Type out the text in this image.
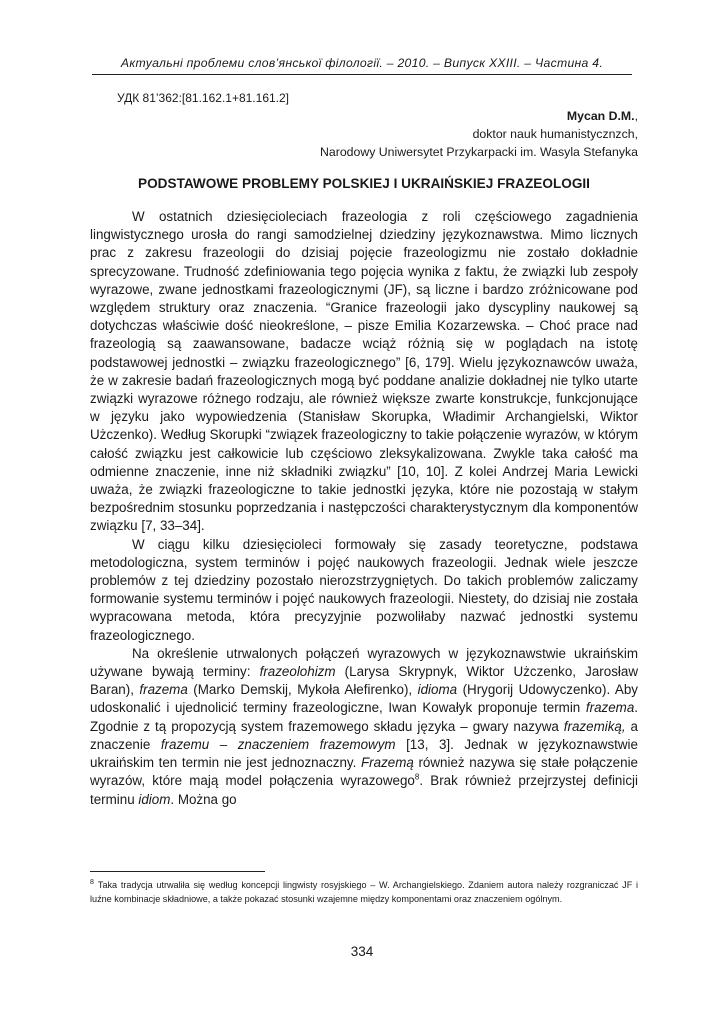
Актуальні проблеми слов’янської філології. – 2010. – Випуск XXIII. – Частина 4.
УДК 81’362:[81.162.1+81.161.2]
Mycan D.M.,
doktor nauk humanistycznzch,
Narodowy Uniwersytet Przykarpacki im. Wasyla Stefanyka
PODSTAWOWE PROBLEMY POLSKIEJ I UKRAIŃSKIEJ FRAZEOLOGII

W ostatnich dziesięcioleciach frazeologia z roli częściowego zagadnienia lingwistycznego urosła do rangi samodzielnej dziedziny językoznawstwa. Mimo licznych prac z zakresu frazeologii do dzisiaj pojęcie frazeologizmu nie zostało dokładnie sprecyzowane. Trudność zdefiniowania tego pojęcia wynika z faktu, że związki lub zespoły wyrazowe, zwane jednostkami frazeologicznymi (JF), są liczne i bardzo zróżnicowane pod względem struktury oraz znaczenia. “Granice frazeologii jako dyscypliny naukowej są dotychczas właściwie dość nieokreślone, – pisze Emilia Kozarzewska. – Choć prace nad frazeologią są zaawansowane, badacze wciąż różnią się w poglądach na istotę podstawowej jednostki – związku frazeologicznego” [6, 179]. Wielu językoznawców uważa, że w zakresie badań frazeologicznych mogą być poddane analizie dokładnej nie tylko utarte związki wyrazowe różnego rodzaju, ale również większe zwarte konstrukcje, funkcjonujące w języku jako wypowiedzenia (Stanisław Skorupka, Władimir Archangielski, Wiktor Użczenko). Według Skorupki “związek frazeologiczny to takie połączenie wyrazów, w którym całość związku jest całkowicie lub częściowo zleksykalizowana. Zwykle taka całość ma odmienne znaczenie, inne niż składniki związku” [10, 10]. Z kolei Andrzej Maria Lewicki uważa, że związki frazeologiczne to takie jednostki języka, które nie pozostają w stałym bezpośrednim stosunku poprzedzania i następczości charakterystycznym dla komponentów związku [7, 33–34].

W ciągu kilku dziesięcioleci formowały się zasady teoretyczne, podstawa metodologiczna, system terminów i pojęć naukowych frazeologii. Jednak wiele jeszcze problemów z tej dziedziny pozostało nierozstrzygniętych. Do takich problemów zaliczamy formowanie systemu terminów i pojęć naukowych frazeologii. Niestety, do dzisiaj nie została wypracowana metoda, która precyzyjnie pozwoliłaby nazwać jednostki systemu frazeologicznego.

Na określenie utrwalonych połączeń wyrazowych w językoznawstwie ukraińskim używane bywają terminy: frazeolohizm (Larysa Skrypnyk, Wiktor Użczenko, Jarosław Baran), frazema (Marko Demskij, Mykoła Ałefirenko), idioma (Hrygorij Udowyczenko). Aby udoskonalić i ujednolicić terminy frazeologiczne, Iwan Kowałyk proponuje termin frazema. Zgodnie z tą propozycją system frazemowego składu języka – gwary nazywa frazemiką, a znaczenie frazemu – znaczeniem frazemowym [13, 3]. Jednak w językoznawstwie ukraińskim ten termin nie jest jednoznaczny. Frazemą również nazywa się stałe połączenie wyrazów, które mają model połączenia wyrazowego$^8$. Brak również przejrzystej definicji terminu idiom. Można go

$^8$ Taka tradycja utrwaliła się według koncepcji lingwisty rosyjskiego – W. Archangielskiego. Zdaniem autora należy rozgraniczać JF i luźne kombinacje składniowe, a także pokazać stosunki wzajemne między komponentami oraz znaczeniem ogólnym.
334
